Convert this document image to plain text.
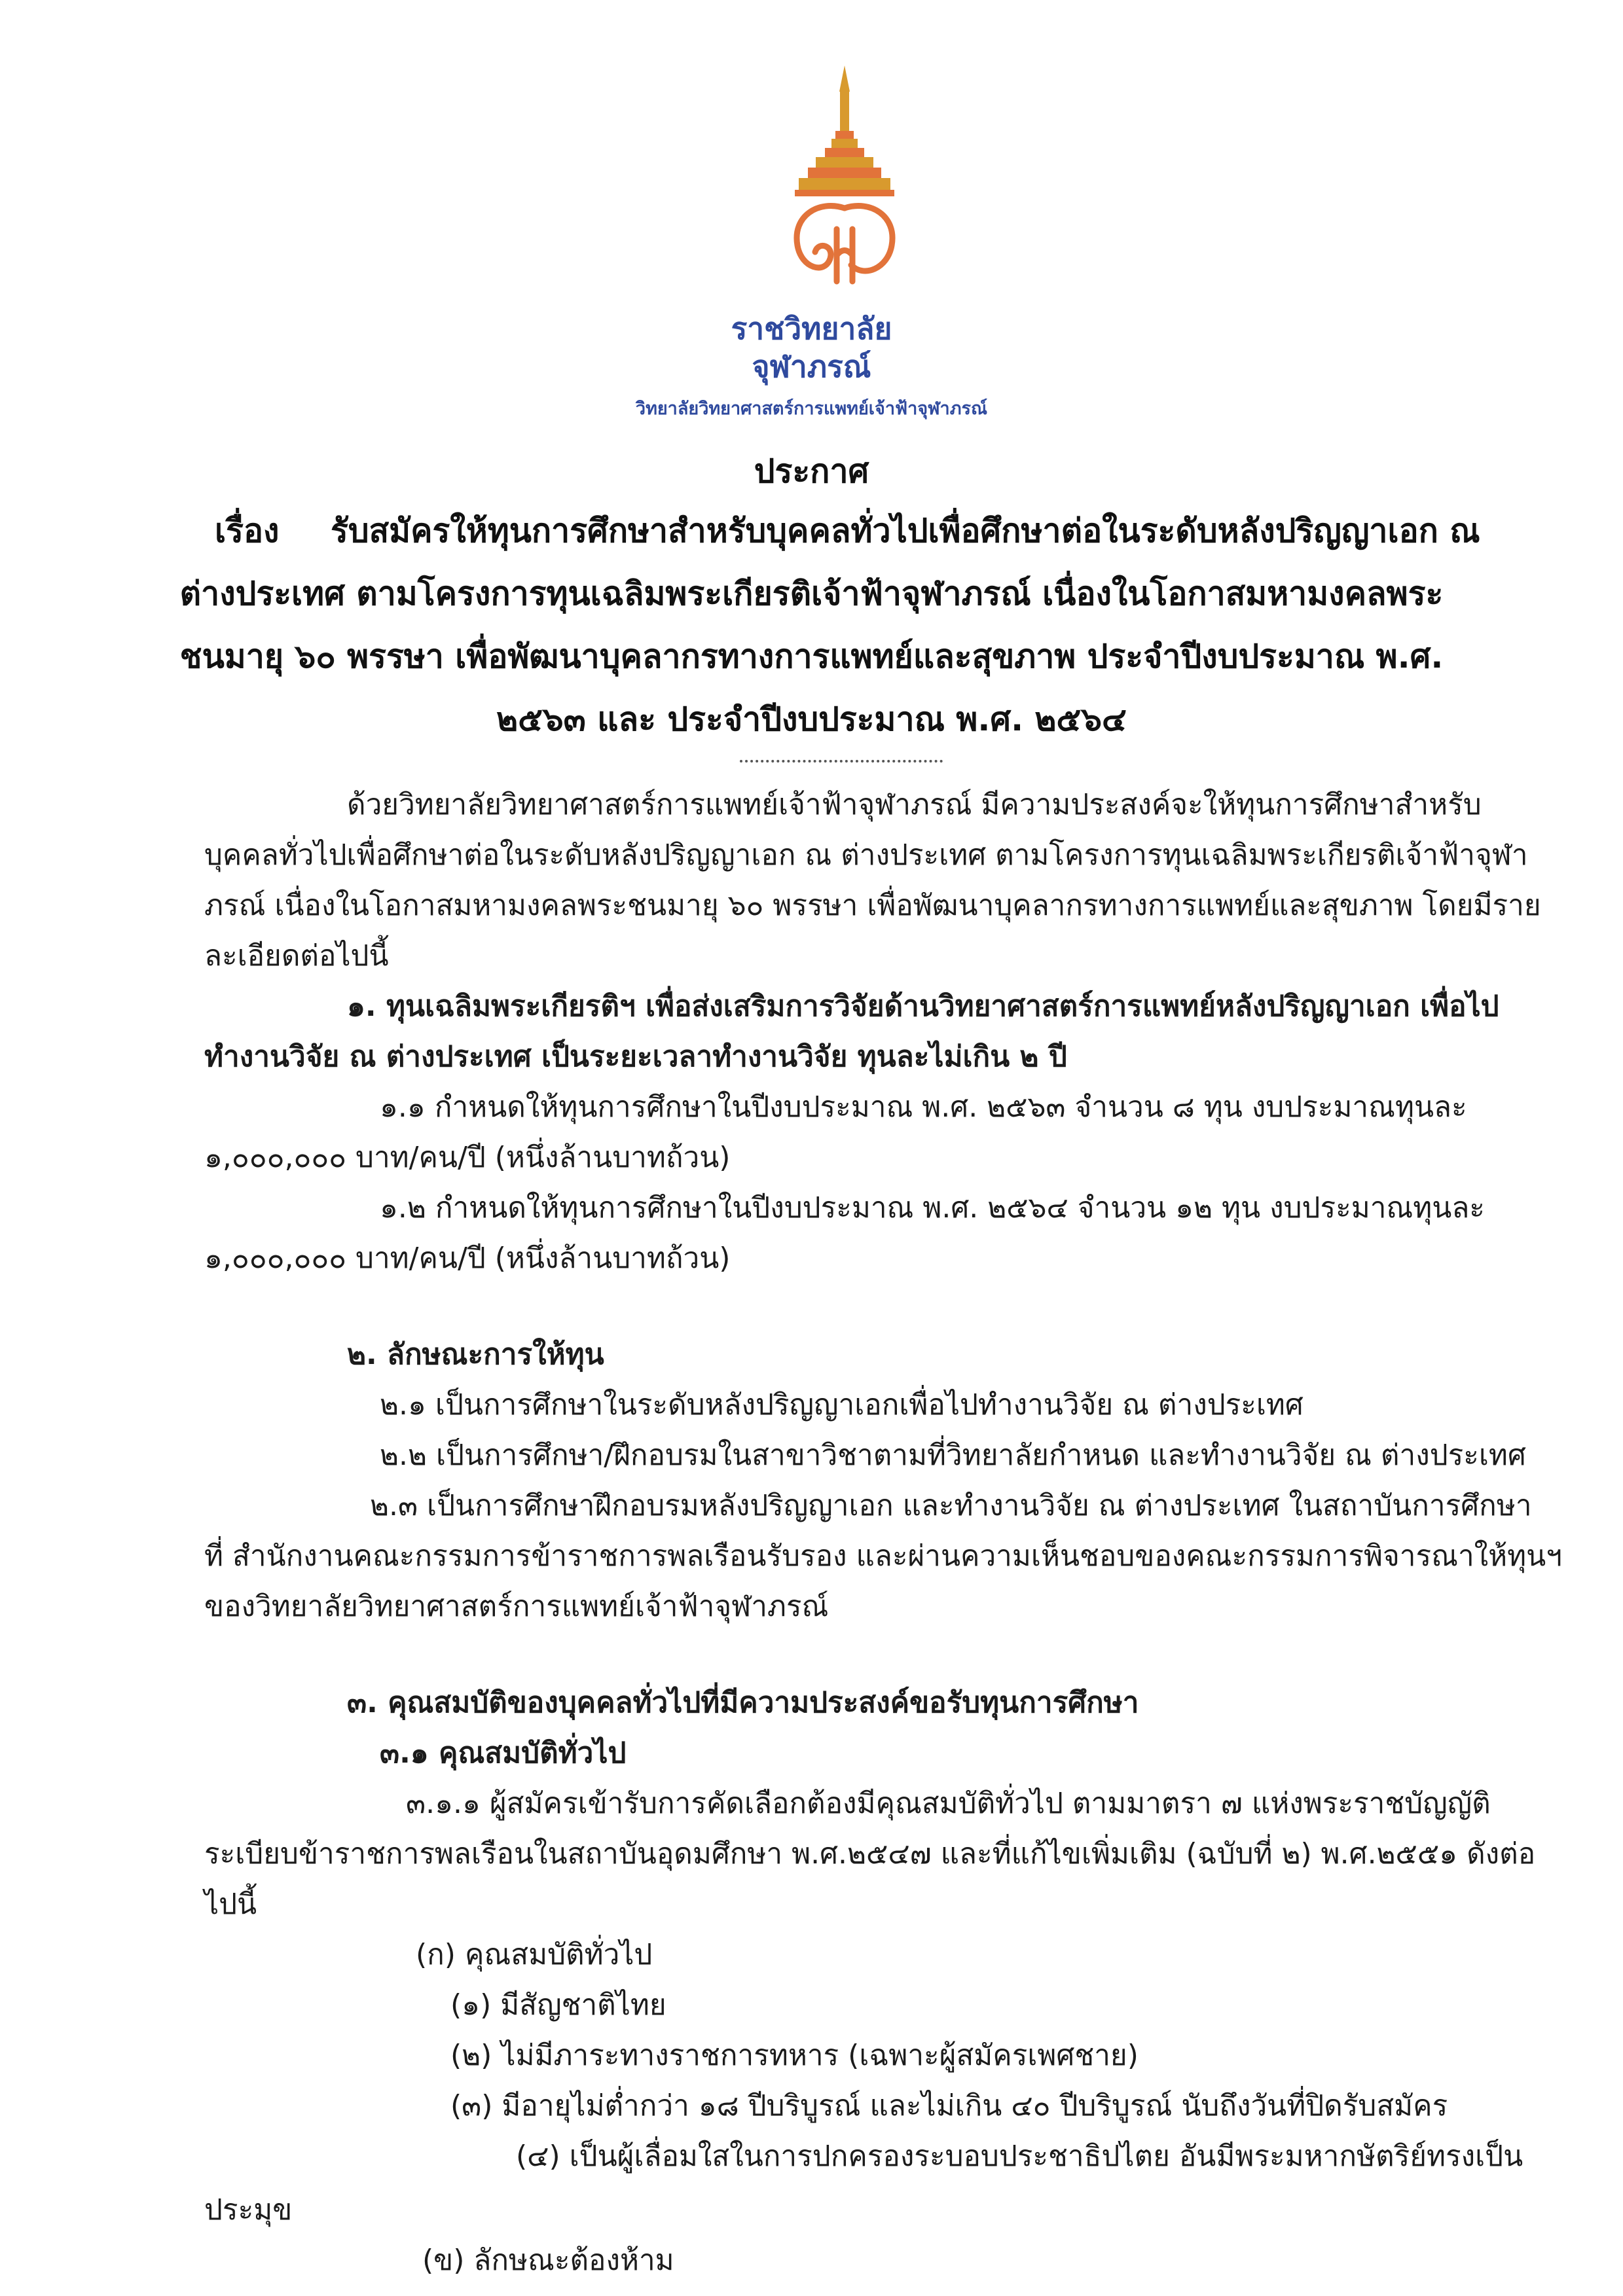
ราชวิทยาลัย
จุฬาภรณ์
วิทยาลัยวิทยาศาสตร์การแพทย์เจ้าฟ้าจุฬาภรณ์
ประกาศ
เรื่อง รับสมัครให้ทุนการศึกษาสำหรับบุคคลทั่วไปเพื่อศึกษาต่อในระดับหลังปริญญาเอก ณ
ต่างประเทศ ตามโครงการทุนเฉลิมพระเกียรติเจ้าฟ้าจุฬาภรณ์ เนื่องในโอกาสมหามงคลพระ
ชนมายุ ๖๐ พรรษา เพื่อพัฒนาบุคลากรทางการแพทย์และสุขภาพ ประจำปีงบประมาณ พ.ศ.
๒๕๖๓ และ ประจำปีงบประมาณ พ.ศ. ๒๕๖๔
ด้วยวิทยาลัยวิทยาศาสตร์การแพทย์เจ้าฟ้าจุฬาภรณ์ มีความประสงค์จะให้ทุนการศึกษาสำหรับ
บุคคลทั่วไปเพื่อศึกษาต่อในระดับหลังปริญญาเอก ณ ต่างประเทศ ตามโครงการทุนเฉลิมพระเกียรติเจ้าฟ้าจุฬา
ภรณ์ เนื่องในโอกาสมหามงคลพระชนมายุ ๖๐ พรรษา เพื่อพัฒนาบุคลากรทางการแพทย์และสุขภาพ โดยมีราย
ละเอียดต่อไปนี้
๑. ทุนเฉลิมพระเกียรติฯ เพื่อส่งเสริมการวิจัยด้านวิทยาศาสตร์การแพทย์หลังปริญญาเอก เพื่อไป
ทำงานวิจัย ณ ต่างประเทศ เป็นระยะเวลาทำงานวิจัย ทุนละไม่เกิน ๒ ปี
๑.๑ กำหนดให้ทุนการศึกษาในปีงบประมาณ พ.ศ. ๒๕๖๓ จำนวน ๘ ทุน งบประมาณทุนละ
๑,๐๐๐,๐๐๐ บาท/คน/ปี (หนึ่งล้านบาทถ้วน)
๑.๒ กำหนดให้ทุนการศึกษาในปีงบประมาณ พ.ศ. ๒๕๖๔ จำนวน ๑๒ ทุน งบประมาณทุนละ
๑,๐๐๐,๐๐๐ บาท/คน/ปี (หนึ่งล้านบาทถ้วน)
๒. ลักษณะการให้ทุน
๒.๑ เป็นการศึกษาในระดับหลังปริญญาเอกเพื่อไปทำงานวิจัย ณ ต่างประเทศ
๒.๒ เป็นการศึกษา/ฝึกอบรมในสาขาวิชาตามที่วิทยาลัยกำหนด และทำงานวิจัย ณ ต่างประเทศ
๒.๓ เป็นการศึกษาฝึกอบรมหลังปริญญาเอก และทำงานวิจัย ณ ต่างประเทศ ในสถาบันการศึกษา
ที่ สำนักงานคณะกรรมการข้าราชการพลเรือนรับรอง และผ่านความเห็นชอบของคณะกรรมการพิจารณาให้ทุนฯ
ของวิทยาลัยวิทยาศาสตร์การแพทย์เจ้าฟ้าจุฬาภรณ์
๓. คุณสมบัติของบุคคลทั่วไปที่มีความประสงค์ขอรับทุนการศึกษา
๓.๑ คุณสมบัติทั่วไป
๓.๑.๑ ผู้สมัครเข้ารับการคัดเลือกต้องมีคุณสมบัติทั่วไป ตามมาตรา ๗ แห่งพระราชบัญญัติ
ระเบียบข้าราชการพลเรือนในสถาบันอุดมศึกษา พ.ศ.๒๕๔๗ และที่แก้ไขเพิ่มเติม (ฉบับที่ ๒) พ.ศ.๒๕๕๑ ดังต่อ
ไปนี้
(ก) คุณสมบัติทั่วไป
(๑) มีสัญชาติไทย
(๒) ไม่มีภาระทางราชการทหาร (เฉพาะผู้สมัครเพศชาย)
(๓) มีอายุไม่ต่ำกว่า ๑๘ ปีบริบูรณ์ และไม่เกิน ๔๐ ปีบริบูรณ์ นับถึงวันที่ปิดรับสมัคร
(๔) เป็นผู้เลื่อมใสในการปกครองระบอบประชาธิปไตย อันมีพระมหากษัตริย์ทรงเป็น
ประมุข
(ข) ลักษณะต้องห้าม
